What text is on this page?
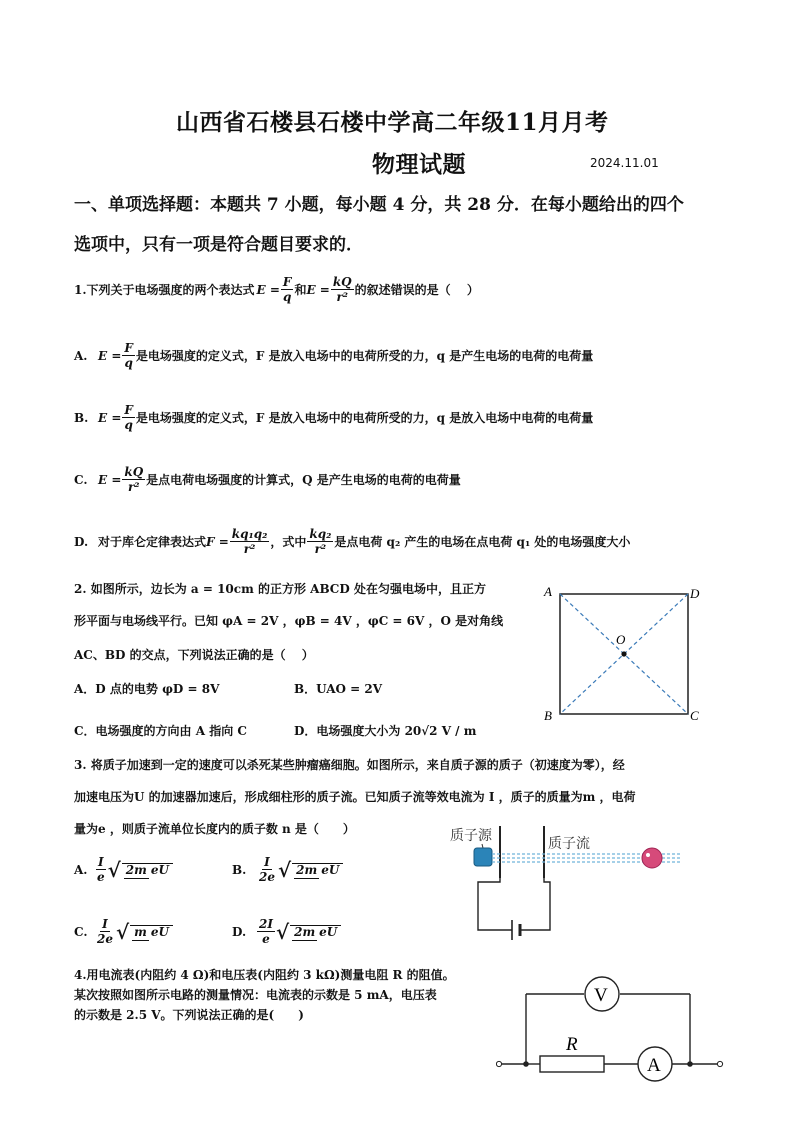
山西省石楼县石楼中学高二年级11月月考
物理试题	2024.11.01
一、单项选择题：本题共 7 小题，每小题 4 分，共 28 分．在每小题给出的四个
选项中，只有一项是符合题目要求的．
1.下列关于电场强度的两个表达式 $E = \frac{F}{q}$ 和 $E = \frac{kQ}{\text{r²}}$ 的叙述错误的是（　 ）
A. $E = \frac{F}{q}$ 是电场强度的定义式，F 是放入电场中的电荷所受的力，q 是产生电场的电荷的电荷量
B. $E = \frac{F}{q}$ 是电场强度的定义式，F 是放入电场中的电荷所受的力，q 是放入电场中电荷的电荷量
C. $E = \frac{kQ}{\text{r²}}$ 是点电荷电场强度的计算式，Q 是产生电场的电荷的电荷量
D. 对于库仑定律表达式 $F = \frac{\text{kq₁q₂}}{\text{r²}}$ ，式中 $\frac{\text{kq₂}}{\text{r²}}$ 是点电荷 q₂ 产生的电场在点电荷 q₁ 处的电场强度大小
2. 如图所示，边长为 a = 10cm 的正方形 ABCD 处在匀强电场中，且正方
形平面与电场线平行。已知 φA = 2V ，φB = 4V ，φC = 6V ，O 是对角线
AC、BD 的交点，下列说法正确的是（　 ）
A．D 点的电势 φD = 8V	B．UAO = 2V
C．电场强度的方向由 A 指向 C	D．电场强度大小为 20√2 V / m
A	D
B	C
O
3. 将质子加速到一定的速度可以杀死某些肿瘤癌细胞。如图所示，来自质子源的质子（初速度为零），经
加速电压为U 的加速器加速后，形成细柱形的质子流。已知质子流等效电流为 I ，质子的质量为m ，电荷
量为e ，则质子流单位长度内的质子数 n 是（　　）
A. $\frac{I}{e}$ √ 2m eU	B. $\frac{I}{2e}$ √ 2m eU
C. $\frac{I}{2e}$ √ m eU	D. $\frac{2I}{e}$ √ 2m eU
质子源	质子流
4.用电流表(内阻约 4 Ω)和电压表(内阻约 3 kΩ)测量电阻 R 的阻值。
某次按照如图所示电路的测量情况：电流表的示数是 5 mA，电压表
的示数是 2.5 V。下列说法正确的是(　　)
V
R
A
